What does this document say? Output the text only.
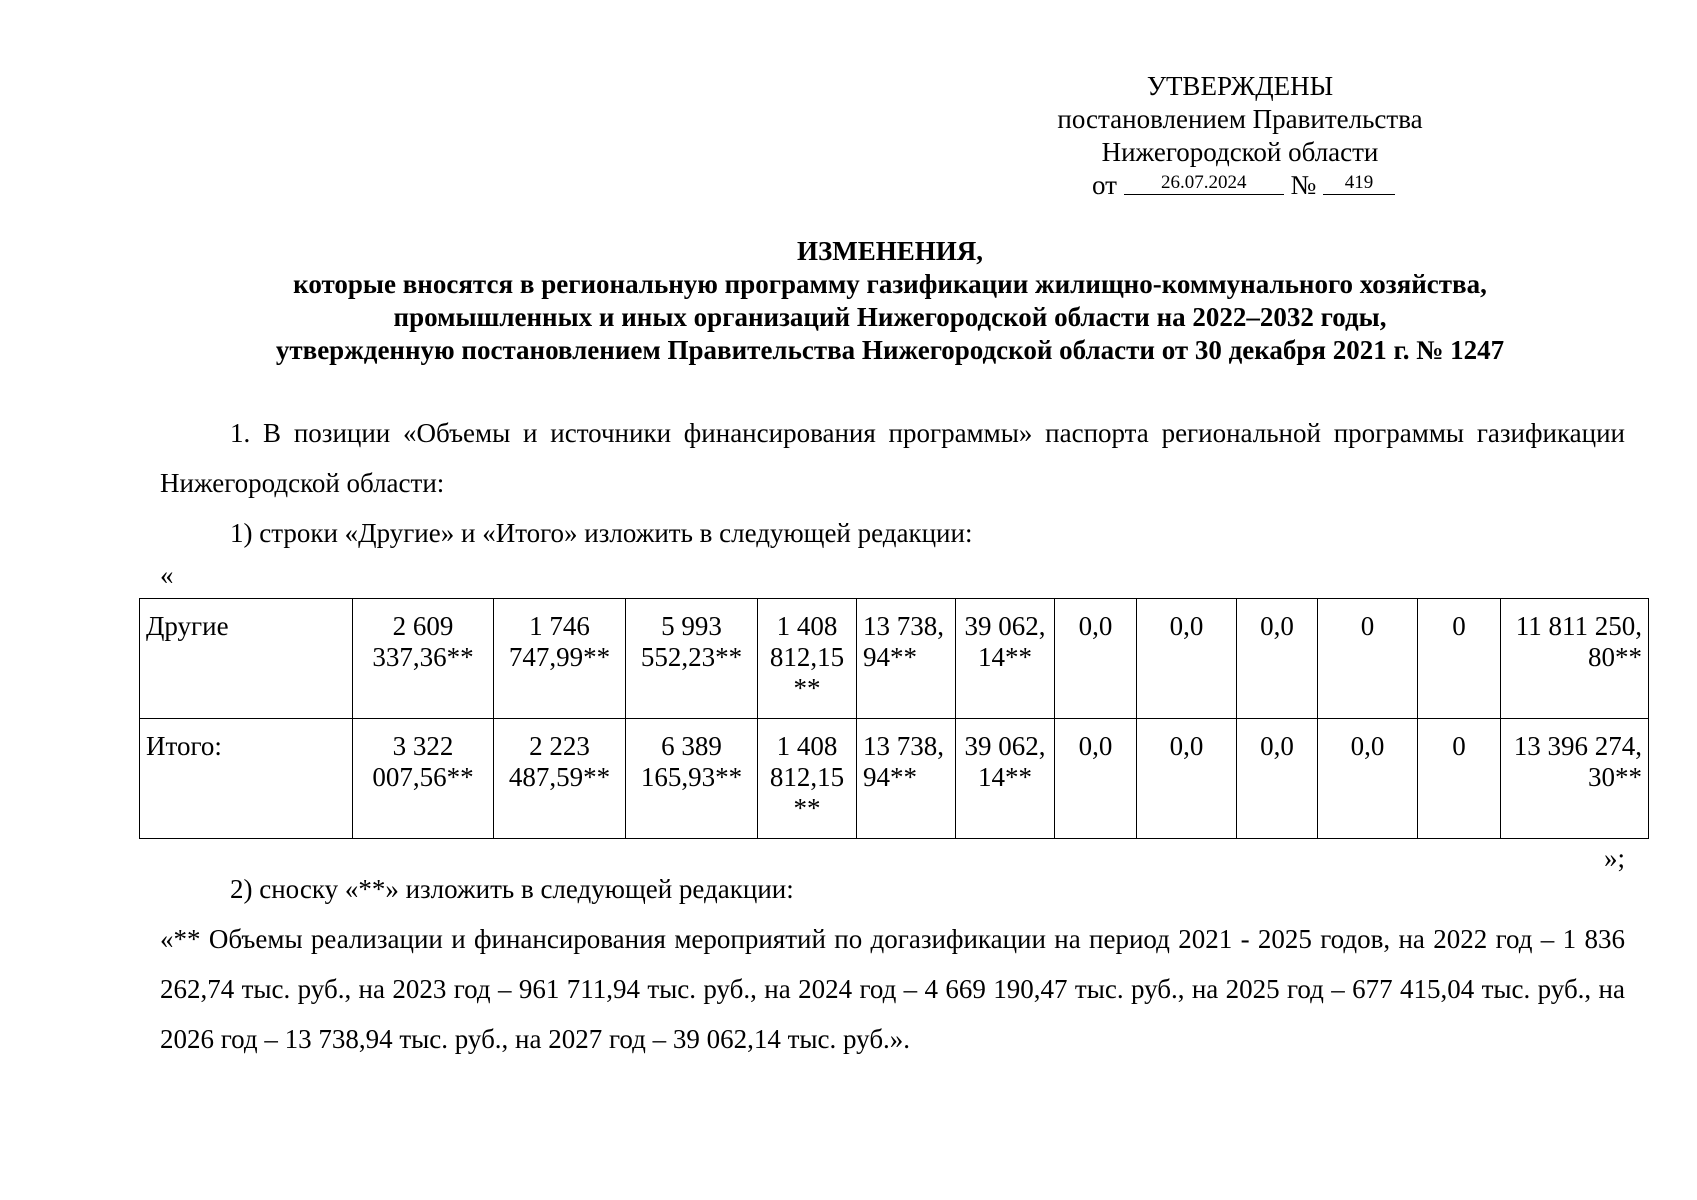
УТВЕРЖДЕНЫ
постановлением Правительства
Нижегородской области
от 26.07.2024 № 419
ИЗМЕНЕНИЯ,
которые вносятся в региональную программу газификации жилищно-коммунального хозяйства,
промышленных и иных организаций Нижегородской области на 2022–2032 годы,
утвержденную постановлением Правительства Нижегородской области от 30 декабря 2021 г. № 1247
1. В позиции «Объемы и источники финансирования программы» паспорта региональной программы газификации Нижегородской области:
1) строки «Другие» и «Итого» изложить в следующей редакции:
«
Другие	2 609 337,36**	1 746 747,99**	5 993 552,23**	1 408 812,15 **	13 738, 94**	39 062, 14**	0,0	0,0	0,0	0	0	11 811 250, 80**
Итого:	3 322 007,56**	2 223 487,59**	6 389 165,93**	1 408 812,15 **	13 738, 94**	39 062, 14**	0,0	0,0	0,0	0,0	0	13 396 274, 30**
»;
2) сноску «**» изложить в следующей редакции:
«** Объемы реализации и финансирования мероприятий по догазификации на период 2021 - 2025 годов, на 2022 год – 1 836 262,74 тыс. руб., на 2023 год – 961 711,94 тыс. руб., на 2024 год – 4 669 190,47 тыс. руб., на 2025 год – 677 415,04 тыс. руб., на 2026 год – 13 738,94 тыс. руб., на 2027 год – 39 062,14 тыс. руб.».
